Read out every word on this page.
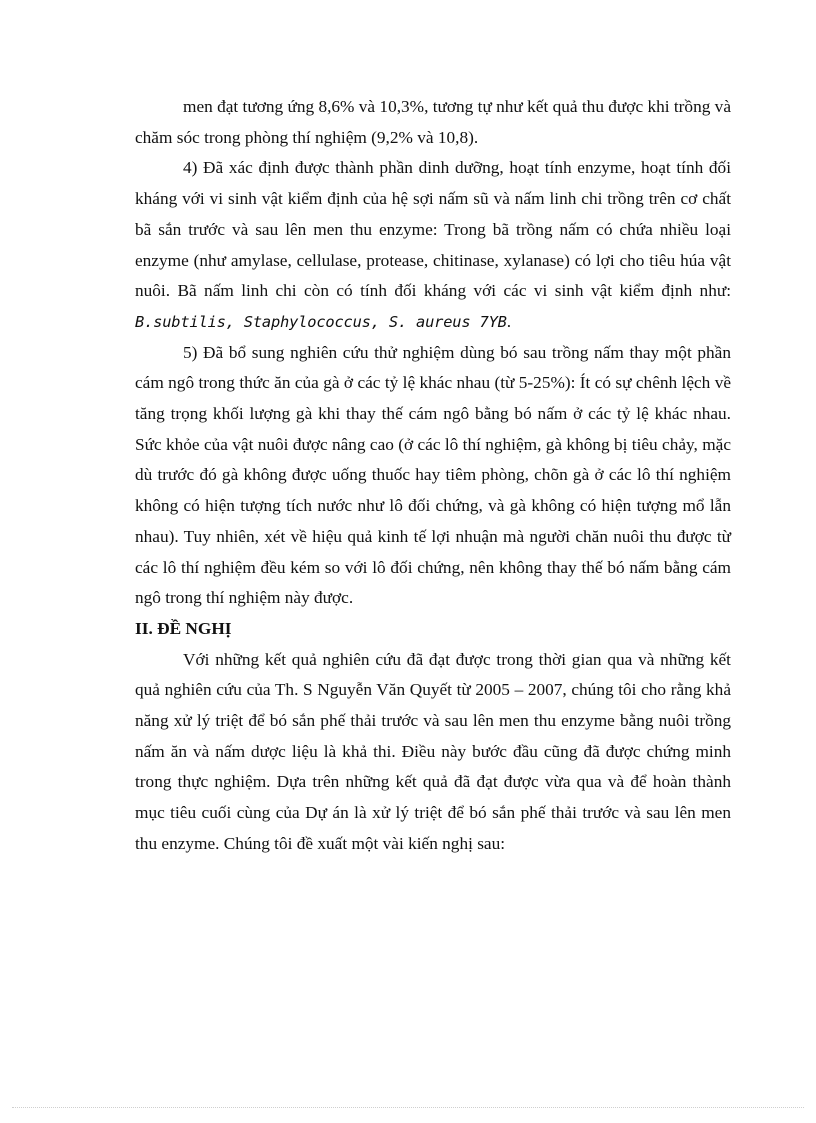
men đạt tương ứng 8,6% và 10,3%, tương tự như kết quả thu được khi trồng và chăm sóc trong phòng thí nghiệm (9,2% và 10,8).

4) Đã xác định được thành phần dinh dưỡng, hoạt tính enzyme, hoạt tính đối kháng với vi sinh vật kiểm định của hệ sợi nấm sũ và nấm linh chi trồng trên cơ chất bã sắn trước và sau lên men thu enzyme: Trong bã trồng nấm có chứa nhiều loại enzyme (như amylase, cellulase, protease, chitinase, xylanase) có lợi cho tiêu húa vật nuôi. Bã nấm linh chi còn có tính đối kháng với các vi sinh vật kiểm định như: B.subtilis, Staphylococcus, S. aureus 7YB.

5) Đã bổ sung nghiên cứu thử nghiệm dùng bó sau trồng nấm thay một phần cám ngô trong thức ăn của gà ở các tỷ lệ khác nhau (từ 5-25%): Ít có sự chênh lệch về tăng trọng khối lượng gà khi thay thế cám ngô bằng bó nấm ở các tỷ lệ khác nhau. Sức khỏe của vật nuôi được nâng cao (ở các lô thí nghiệm, gà không bị tiêu chảy, mặc dù trước đó gà không được uống thuốc hay tiêm phòng, chõn gà ở các lô thí nghiệm không có hiện tượng tích nước như lô đối chứng, và gà không có hiện tượng mổ lẫn nhau). Tuy nhiên, xét về hiệu quả kinh tế lợi nhuận mà người chăn nuôi thu được từ các lô thí nghiệm đều kém so với lô đối chứng, nên không thay thế bó nấm bằng cám ngô trong thí nghiệm này được.

II. ĐỀ NGHỊ

Với những kết quả nghiên cứu đã đạt được trong thời gian qua và những kết quả nghiên cứu của Th. S Nguyễn Văn Quyết từ 2005 – 2007, chúng tôi cho rằng khả năng xử lý triệt để bó sắn phế thải trước và sau lên men thu enzyme bằng nuôi trồng nấm ăn và nấm dược liệu là khả thi. Điều này bước đầu cũng đã được chứng minh trong thực nghiệm. Dựa trên những kết quả đã đạt được vừa qua và để hoàn thành mục tiêu cuối cùng của Dự án là xử lý triệt để bó sắn phế thải trước và sau lên men thu enzyme. Chúng tôi đề xuất một vài kiến nghị sau:
